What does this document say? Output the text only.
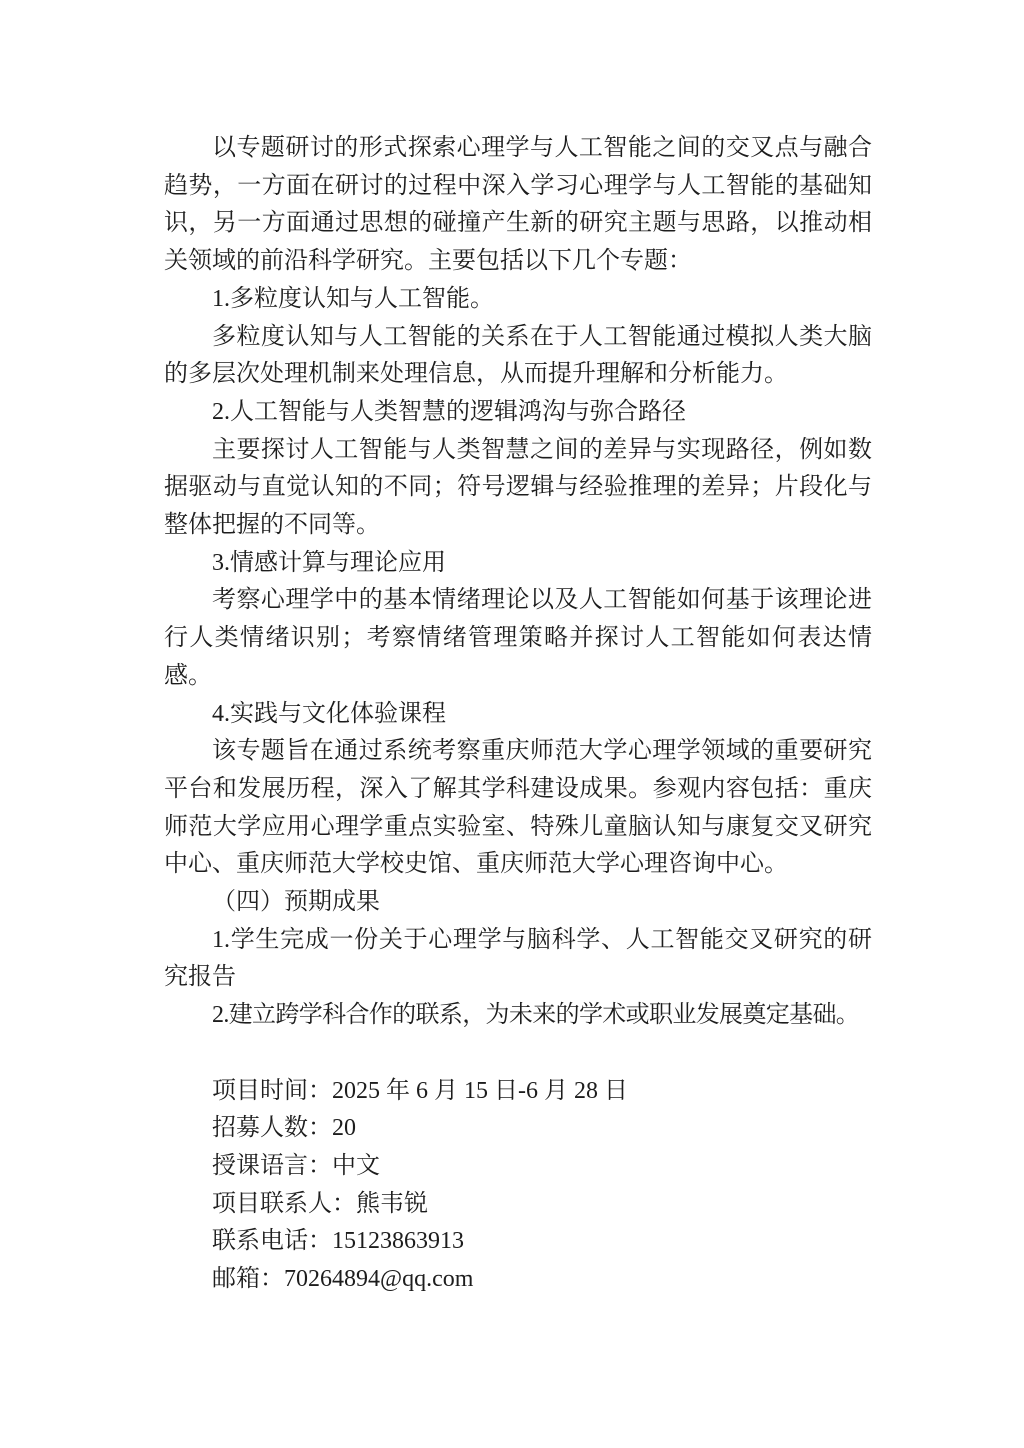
以专题研讨的形式探索心理学与人工智能之间的交叉点与融合趋势，一方面在研讨的过程中深入学习心理学与人工智能的基础知识，另一方面通过思想的碰撞产生新的研究主题与思路，以推动相关领域的前沿科学研究。主要包括以下几个专题：

1.多粒度认知与人工智能。

多粒度认知与人工智能的关系在于人工智能通过模拟人类大脑的多层次处理机制来处理信息，从而提升理解和分析能力。

2.人工智能与人类智慧的逻辑鸿沟与弥合路径

主要探讨人工智能与人类智慧之间的差异与实现路径，例如数据驱动与直觉认知的不同；符号逻辑与经验推理的差异；片段化与整体把握的不同等。

3.情感计算与理论应用

考察心理学中的基本情绪理论以及人工智能如何基于该理论进行人类情绪识别；考察情绪管理策略并探讨人工智能如何表达情感。

4.实践与文化体验课程

该专题旨在通过系统考察重庆师范大学心理学领域的重要研究平台和发展历程，深入了解其学科建设成果。参观内容包括：重庆师范大学应用心理学重点实验室、特殊儿童脑认知与康复交叉研究中心、重庆师范大学校史馆、重庆师范大学心理咨询中心。

（四）预期成果

1.学生完成一份关于心理学与脑科学、人工智能交叉研究的研究报告

2.建立跨学科合作的联系，为未来的学术或职业发展奠定基础。

项目时间：2025 年 6 月 15 日-6 月 28 日

招募人数：20

授课语言：中文

项目联系人：熊韦锐

联系电话：15123863913

邮箱：70264894@qq.com
